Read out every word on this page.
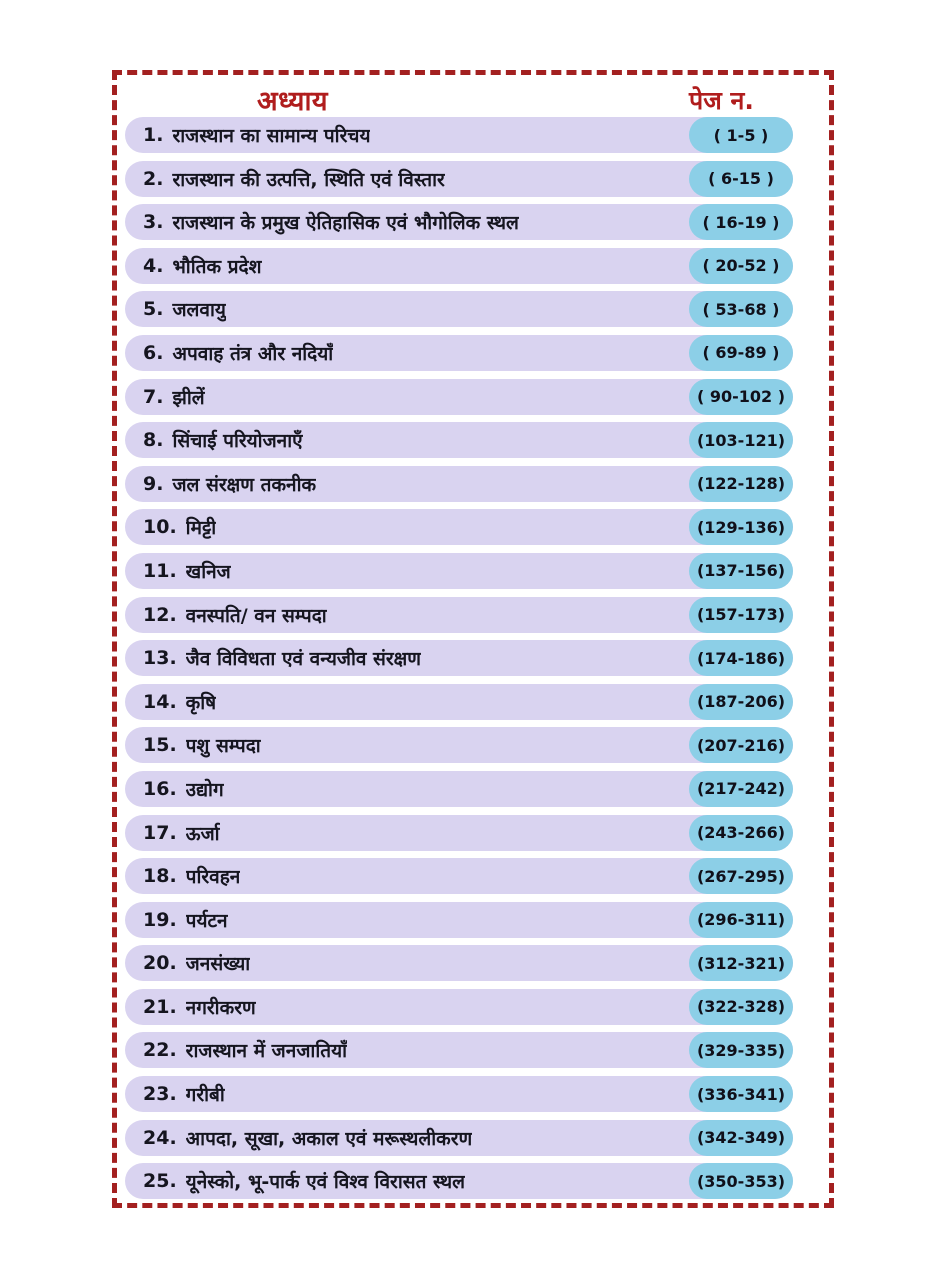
अध्याय	पेज न.
1. राजस्थान का सामान्य परिचय	( 1-5 )
2. राजस्थान की उत्पत्ति, स्थिति एवं विस्तार	( 6-15 )
3. राजस्थान के प्रमुख ऐतिहासिक एवं भौगोलिक स्थल	( 16-19 )
4. भौतिक प्रदेश	( 20-52 )
5. जलवायु	( 53-68 )
6. अपवाह तंत्र और नदियाँ	( 69-89 )
7. झीलें	( 90-102 )
8. सिंचाई परियोजनाएँ	(103-121)
9. जल संरक्षण तकनीक	(122-128)
10. मिट्टी	(129-136)
11. खनिज	(137-156)
12. वनस्पति/ वन सम्पदा	(157-173)
13. जैव विविधता एवं वन्यजीव संरक्षण	(174-186)
14. कृषि	(187-206)
15. पशु सम्पदा	(207-216)
16. उद्योग	(217-242)
17. ऊर्जा	(243-266)
18. परिवहन	(267-295)
19. पर्यटन	(296-311)
20. जनसंख्या	(312-321)
21. नगरीकरण	(322-328)
22. राजस्थान में जनजातियाँ	(329-335)
23. गरीबी	(336-341)
24. आपदा, सूखा, अकाल एवं मरूस्थलीकरण	(342-349)
25. यूनेस्को, भू-पार्क एवं विश्व विरासत स्थल	(350-353)
